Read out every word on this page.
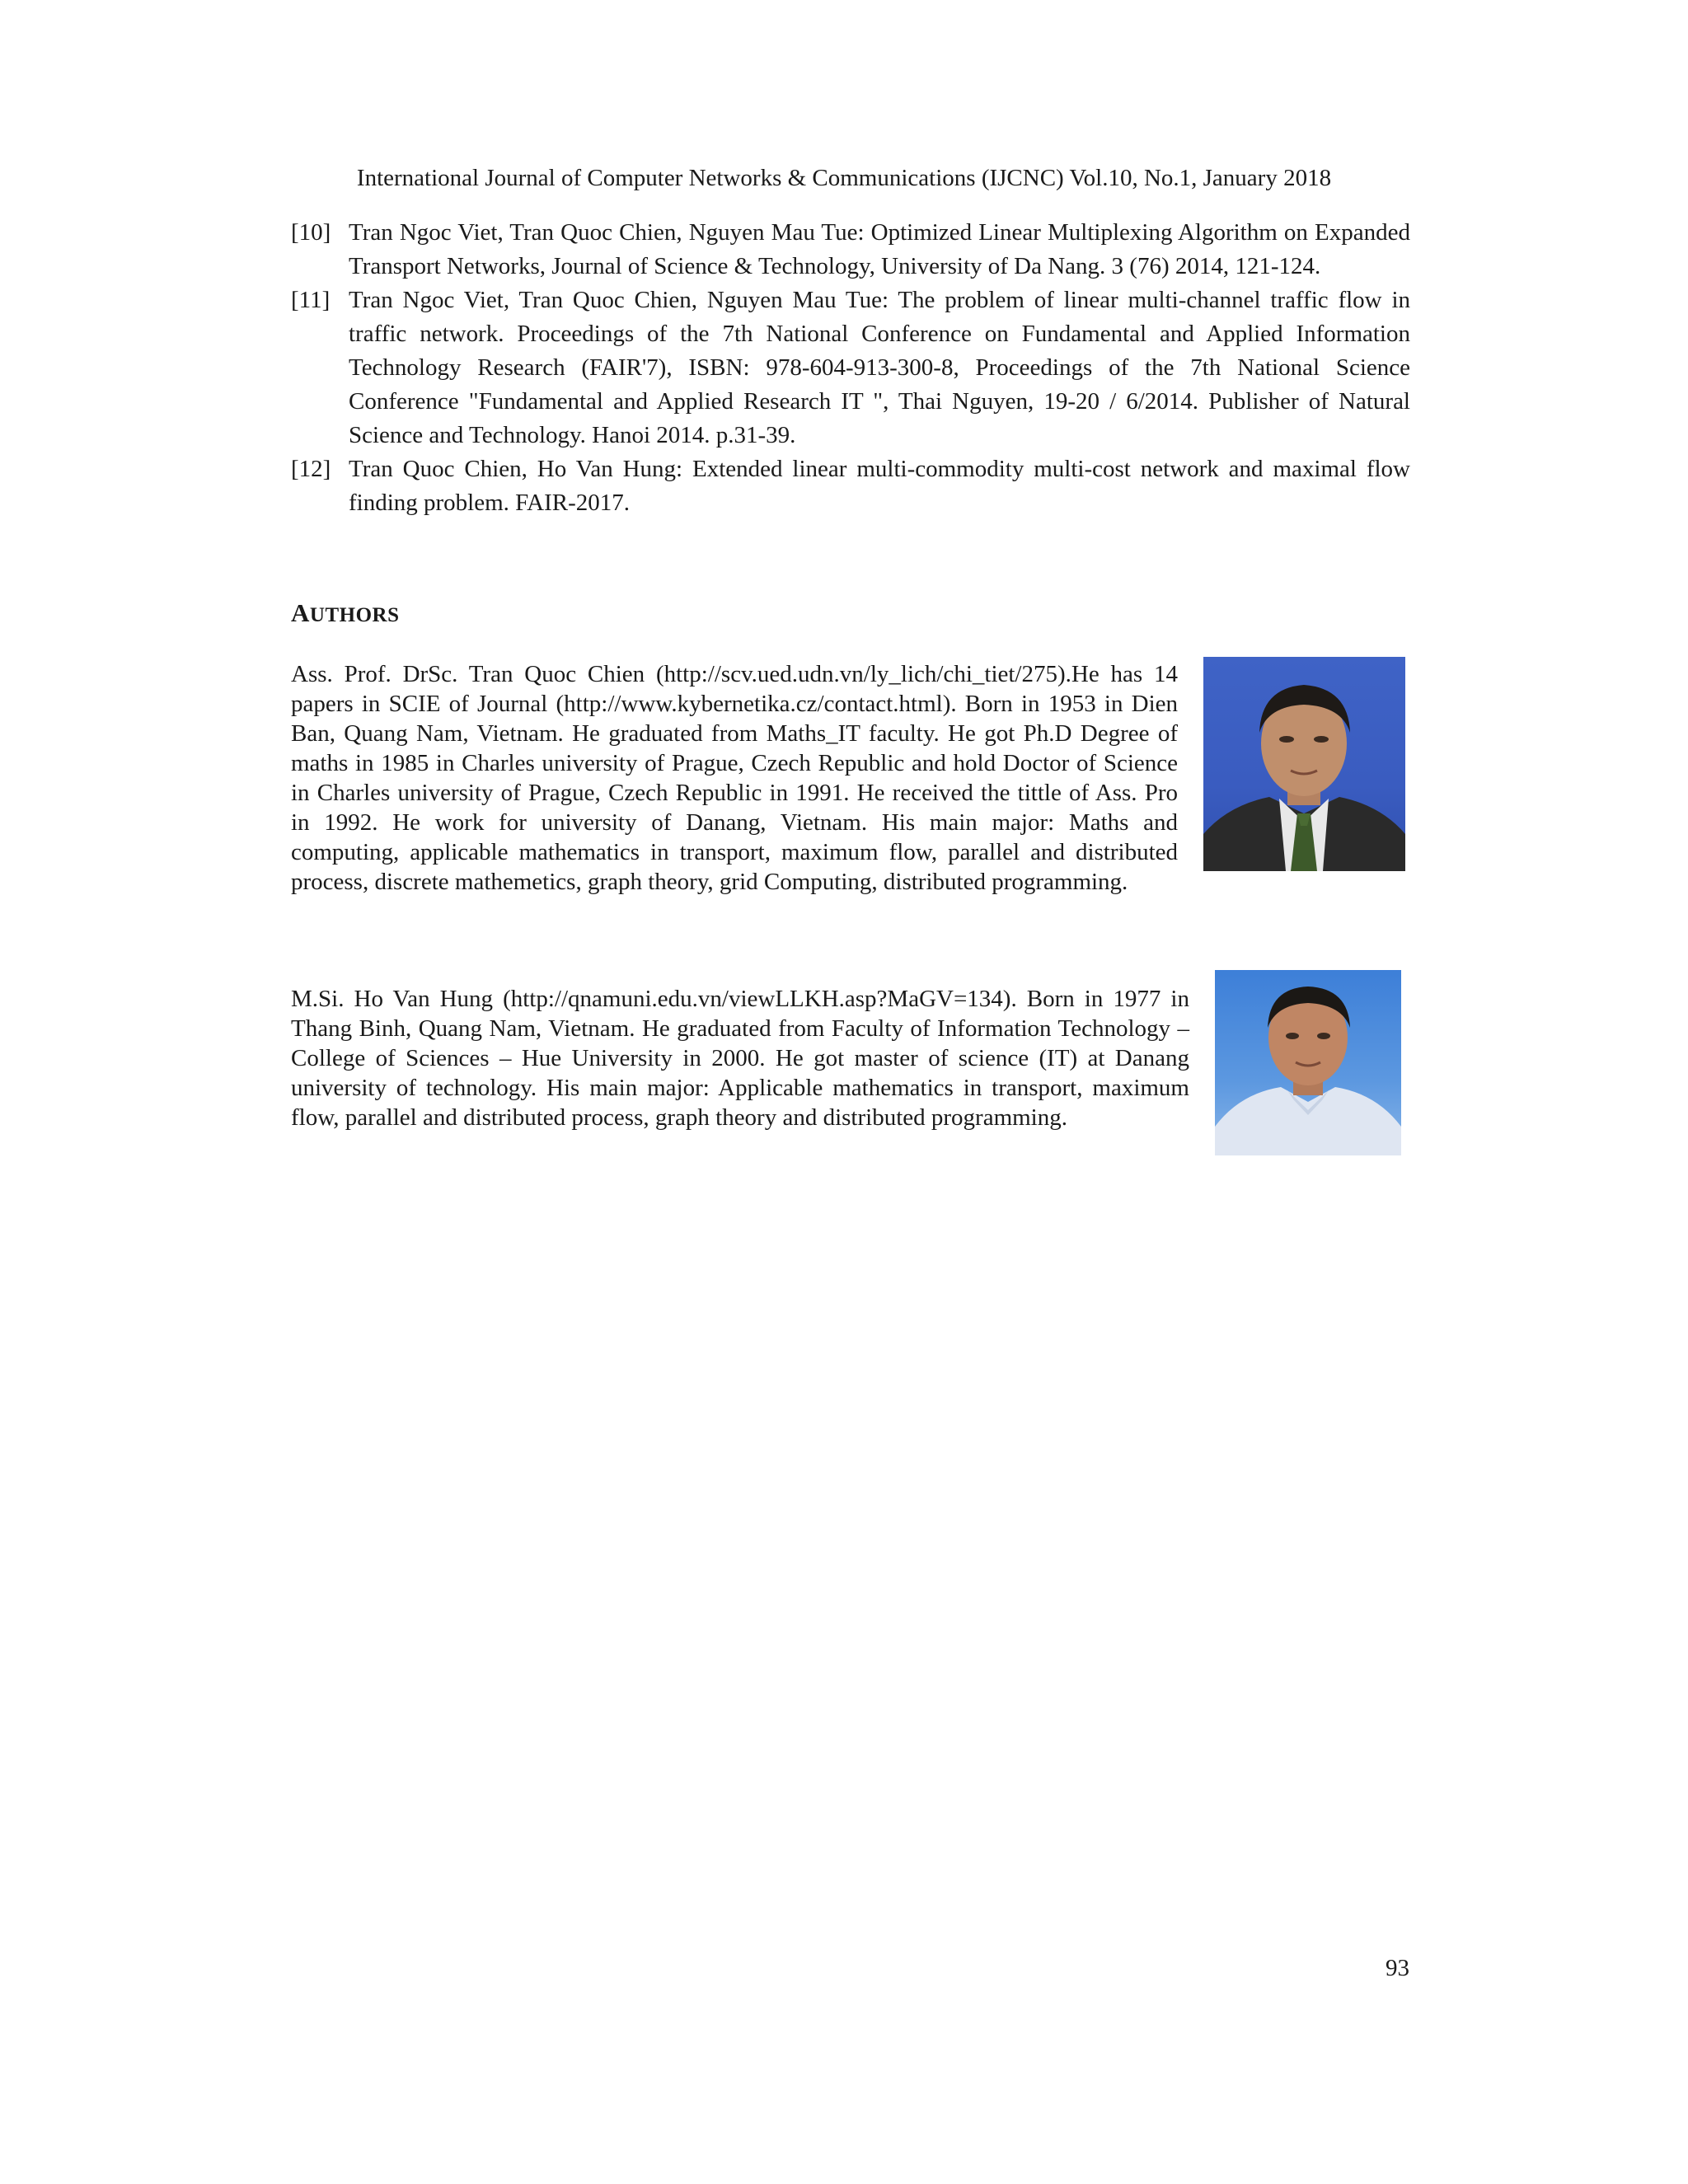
International Journal of Computer Networks & Communications (IJCNC) Vol.10, No.1, January 2018
[10] Tran Ngoc Viet, Tran Quoc Chien, Nguyen Mau Tue: Optimized Linear Multiplexing Algorithm on Expanded Transport Networks, Journal of Science & Technology, University of Da Nang. 3 (76) 2014, 121-124.
[11] Tran Ngoc Viet, Tran Quoc Chien, Nguyen Mau Tue: The problem of linear multi-channel traffic flow in traffic network. Proceedings of the 7th National Conference on Fundamental and Applied Information Technology Research (FAIR'7), ISBN: 978-604-913-300-8, Proceedings of the 7th National Science Conference "Fundamental and Applied Research IT ", Thai Nguyen, 19-20 / 6/2014. Publisher of Natural Science and Technology. Hanoi 2014. p.31-39.
[12] Tran Quoc Chien, Ho Van Hung: Extended linear multi-commodity multi-cost network and maximal flow finding problem. FAIR-2017.
AUTHORS
Ass. Prof. DrSc. Tran Quoc Chien (http://scv.ued.udn.vn/ly_lich/chi_tiet/275).He has 14 papers in SCIE of Journal (http://www.kybernetika.cz/contact.html). Born in 1953 in Dien Ban, Quang Nam, Vietnam. He graduated from Maths_IT faculty. He got Ph.D Degree of maths in 1985 in Charles university of Prague, Czech Republic and hold Doctor of Science in Charles university of Prague, Czech Republic in 1991. He received the tittle of Ass. Pro in 1992. He work for university of Danang, Vietnam. His main major: Maths and computing, applicable mathematics in transport, maximum flow, parallel and distributed process, discrete mathemetics, graph theory, grid Computing, distributed programming.
M.Si. Ho Van Hung (http://qnamuni.edu.vn/viewLLKH.asp?MaGV=134). Born in 1977 in Thang Binh, Quang Nam, Vietnam. He graduated from Faculty of Information Technology – College of Sciences – Hue University in 2000. He got master of science (IT) at Danang university of technology. His main major: Applicable mathematics in transport, maximum flow, parallel and distributed process, graph theory and distributed programming.
93
